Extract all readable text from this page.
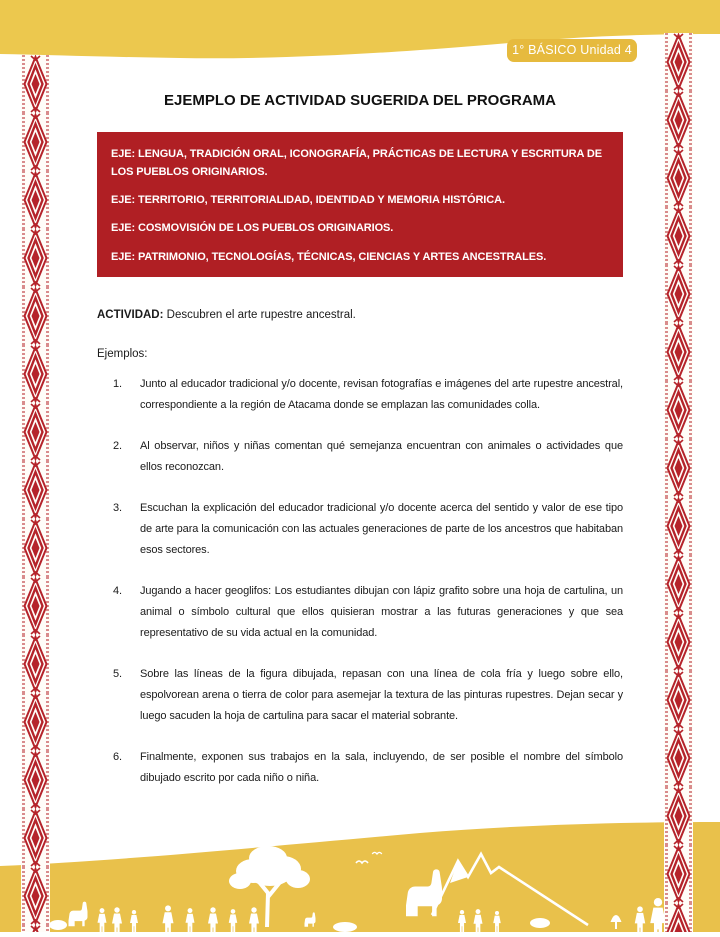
1° BÁSICO Unidad 4
EJEMPLO DE ACTIVIDAD SUGERIDA DEL PROGRAMA

EJE: LENGUA, TRADICIÓN ORAL, ICONOGRAFÍA, PRÁCTICAS DE LECTURA Y ESCRITURA DE LOS PUEBLOS ORIGINARIOS.

EJE: TERRITORIO, TERRITORIALIDAD, IDENTIDAD Y MEMORIA HISTÓRICA.

EJE: COSMOVISIÓN DE LOS PUEBLOS ORIGINARIOS.

EJE: PATRIMONIO, TECNOLOGÍAS, TÉCNICAS, CIENCIAS Y ARTES ANCESTRALES.

ACTIVIDAD: Descubren el arte rupestre ancestral.

Ejemplos:

1.	Junto al educador tradicional y/o docente, revisan fotografías e imágenes del arte rupestre ancestral, correspondiente a la región de Atacama donde se emplazan las comunidades colla.
2.	Al observar, niños y niñas comentan qué semejanza encuentran con animales o actividades que ellos reconozcan.
3.	Escuchan la explicación del educador tradicional y/o docente acerca del sentido y valor de ese tipo de arte para la comunicación con las actuales generaciones de parte de los ancestros que habitaban esos sectores.
4.	Jugando a hacer geoglifos: Los estudiantes dibujan con lápiz grafito sobre una hoja de cartulina, un animal o símbolo cultural que ellos quisieran mostrar a las futuras generaciones y que sea representativo de su vida actual en la comunidad.
5.	Sobre las líneas de la figura dibujada, repasan con una línea de cola fría y luego sobre ello, espolvorean arena o tierra de color para asemejar la textura de las pinturas rupestres. Dejan secar y luego sacuden la hoja de cartulina para sacar el material sobrante.
6.	Finalmente, exponen sus trabajos en la sala, incluyendo, de ser posible el nombre del símbolo dibujado escrito por cada niño o niña.
